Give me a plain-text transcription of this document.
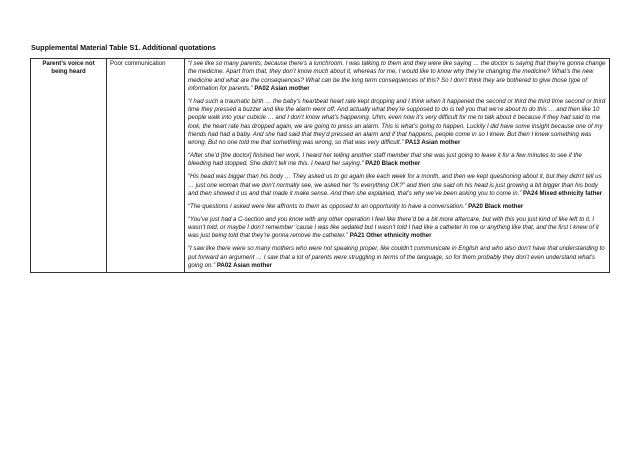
Supplemental Material Table S1. Additional quotations
Parent’s voice not being heard	Poor communication	“I see like so many parents, because there’s a lunchroom. I was talking to them and they were like saying … the doctor is saying that they’re gonna change the medicine. Apart from that, they don’t know much about it, whereas for me, I would like to know why they’re changing the medicine? What’s the new medicine and what are the consequences? What can be the long term consequences of this? So I don’t think they are bothered to give those type of information for parents.” PA02 Asian mother
“I had such a traumatic birth … the baby’s heartbeat heart rate kept dropping and I think when it happened the second or third the third time second or third time they pressed a buzzer and like the alarm went off. And actually what they’re supposed to do is tell you that we’re about to do this … and then like 10 people walk into your cubicle … and I don’t know what’s happening. Uhm, even now it’s very difficult for me to talk about it because if they had said to me look, the heart rate has dropped again, we are going to press an alarm. This is what’s going to happen. Luckily I did have some insight because one of my friends had had a baby. And she had said that they’d pressed an alarm and if that happens, people come in so I knew. But then I knew something was wrong. But no one told me that something was wrong, so that was very difficult.” PA13 Asian mother
“After she’d [the doctor] finished her work, I heard her telling another staff member that she was just going to leave it for a few minutes to see if the bleeding had stopped. She didn’t tell me this. I heard her saying.” PA20 Black mother
“His head was bigger than his body … They asked us to go again like each week for a month, and then we kept questioning about it, but they didn’t tell us … just one woman that we don’t normally see, we asked her “Is everything OK?” and then she said oh his head is just growing a bit bigger than his body and then showed it us and that made it make sense. And then she explained, that’s why we’ve been asking you to come in.” PA24 Mixed ethnicity father
“The questions I asked were like affronts to them as opposed to an opportunity to have a conversation.” PA20 Black mother
“You’ve just had a C-section and you know with any other operation I feel like there’d be a bit more aftercare, but with this you just kind of like left to it. I wasn’t told, or maybe I don’t remember ’cause I was like sedated but I wasn’t told I had like a catheter in me or anything like that, and the first I knew of it was just being told that they’re gonna remove the catheter.” PA21 Other ethnicity mother
“I saw like there were so many mothers who were not speaking proper, like couldn’t communicate in English and who also don’t have that understanding to put forward an argument … I saw that a lot of parents were struggling in terms of the language, so for them probably they don’t even understand what’s going on.” PA02 Asian mother
